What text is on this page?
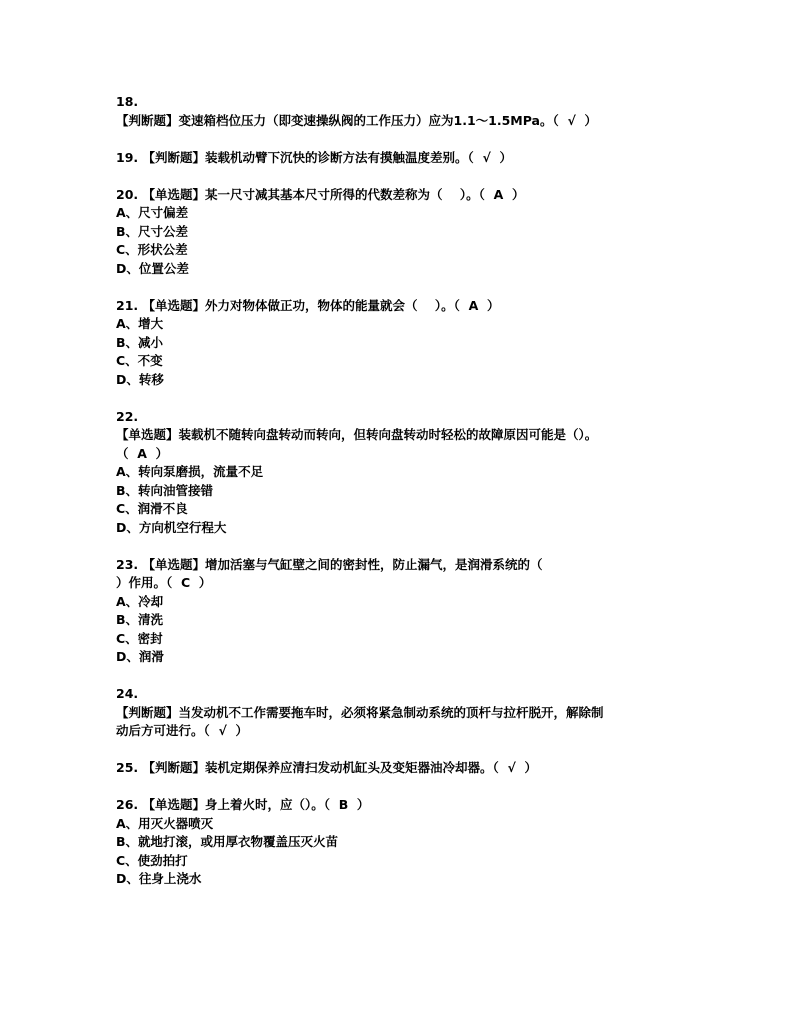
18.
【判断题】变速箱档位压力（即变速操纵阀的工作压力）应为1.1～1.5MPa。（  √  ）
19. 【判断题】装载机动臂下沉快的诊断方法有摸触温度差别。（  √  ）
20. 【单选题】某一尺寸减其基本尺寸所得的代数差称为（    ）。（  A  ）
A、尺寸偏差
B、尺寸公差
C、形状公差
D、位置公差
21. 【单选题】外力对物体做正功，物体的能量就会（    ）。（  A  ）
A、增大
B、减小
C、不变
D、转移
22.
【单选题】装载机不随转向盘转动而转向，但转向盘转动时轻松的故障原因可能是（）。
（  A  ）
A、转向泵磨损，流量不足
B、转向油管接错
C、润滑不良
D、方向机空行程大
23. 【单选题】增加活塞与气缸壁之间的密封性，防止漏气，是润滑系统的（
）作用。（  C  ）
A、冷却
B、清洗
C、密封
D、润滑
24.
【判断题】当发动机不工作需要拖车时，必须将紧急制动系统的顶杆与拉杆脱开，解除制
动后方可进行。（  √  ）
25. 【判断题】装机定期保养应清扫发动机缸头及变矩器油冷却器。（  √  ）
26. 【单选题】身上着火时，应（）。（  B  ）
A、用灭火器喷灭
B、就地打滚，或用厚衣物覆盖压灭火苗
C、使劲拍打
D、往身上浇水
